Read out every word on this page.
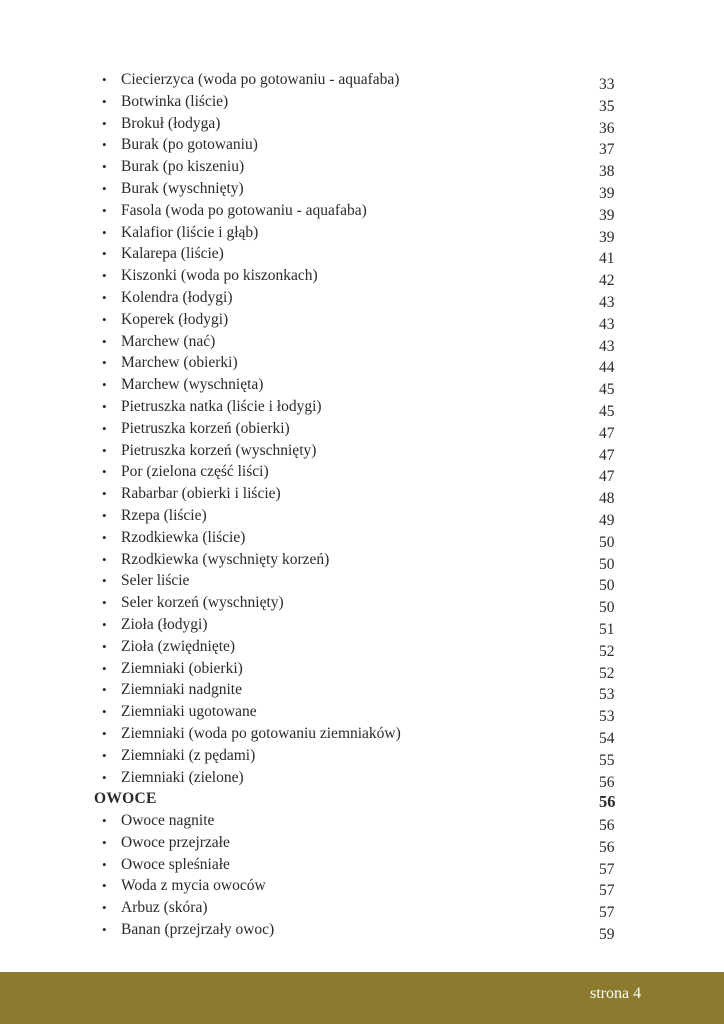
• Ciecierzyca (woda po gotowaniu - aquafaba)	33
• Botwinka (liście)	35
• Brokuł (łodyga)	36
• Burak (po gotowaniu)	37
• Burak (po kiszeniu)	38
• Burak (wyschnięty)	39
• Fasola (woda po gotowaniu - aquafaba)	39
• Kalafior (liście i głąb)	39
• Kalarepa (liście)	41
• Kiszonki (woda po kiszonkach)	42
• Kolendra (łodygi)	43
• Koperek (łodygi)	43
• Marchew (nać)	43
• Marchew (obierki)	44
• Marchew (wyschnięta)	45
• Pietruszka natka (liście i łodygi)	45
• Pietruszka korzeń (obierki)	47
• Pietruszka korzeń (wyschnięty)	47
• Por (zielona część liści)	47
• Rabarbar (obierki i liście)	48
• Rzepa (liście)	49
• Rzodkiewka (liście)	50
• Rzodkiewka (wyschnięty korzeń)	50
• Seler liście	50
• Seler korzeń (wyschnięty)	50
• Zioła (łodygi)	51
• Zioła (zwiędnięte)	52
• Ziemniaki (obierki)	52
• Ziemniaki nadgnite	53
• Ziemniaki ugotowane	53
• Ziemniaki (woda po gotowaniu ziemniaków)	54
• Ziemniaki (z pędami)	55
• Ziemniaki (zielone)	56
OWOCE	56
• Owoce nagnite	56
• Owoce przejrzałe	56
• Owoce spleśniałe	57
• Woda z mycia owoców	57
• Arbuz (skóra)	57
• Banan (przejrzały owoc)	59
strona 4
